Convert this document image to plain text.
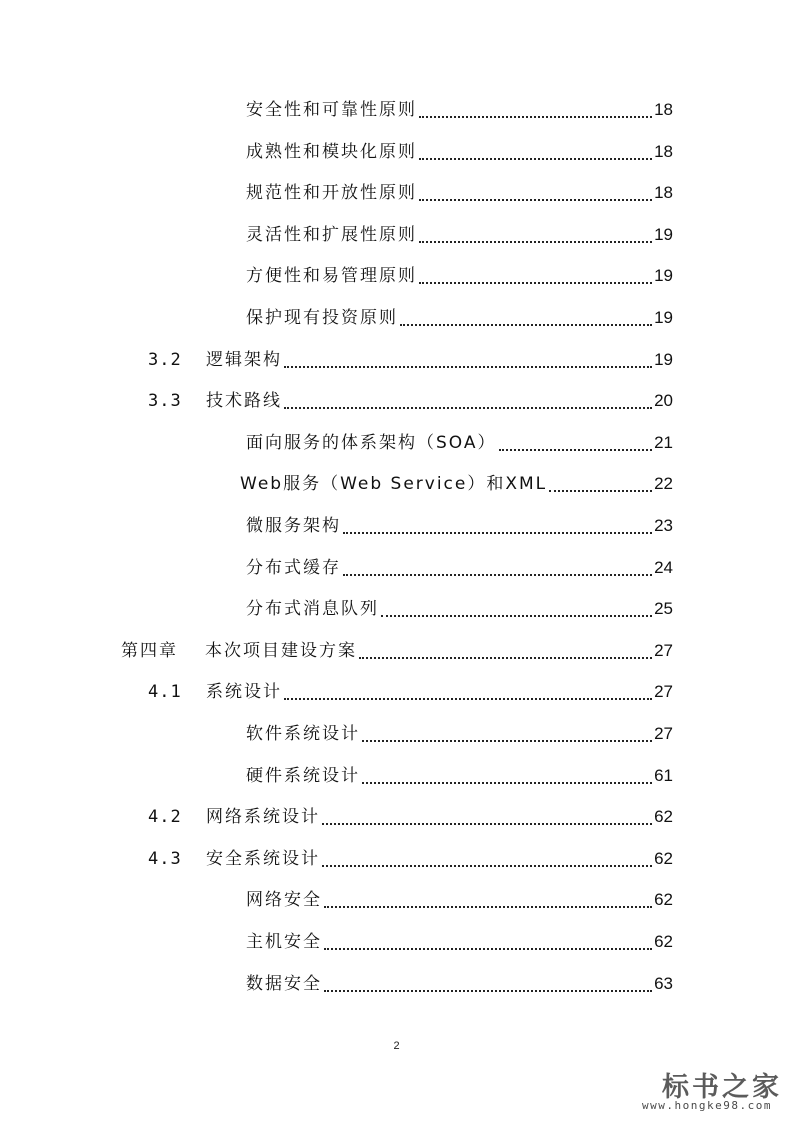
安全性和可靠性原则	18
成熟性和模块化原则	18
规范性和开放性原则	18
灵活性和扩展性原则	19
方便性和易管理原则	19
保护现有投资原则	19
3.2	逻辑架构	19
3.3	技术路线	20
面向服务的体系架构（SOA）	21
Web服务（Web Service）和XML	22
微服务架构	23
分布式缓存	24
分布式消息队列	25
第四章	本次项目建设方案	27
4.1	系统设计	27
软件系统设计	27
硬件系统设计	61
4.2	网络系统设计	62
4.3	安全系统设计	62
网络安全	62
主机安全	62
数据安全	63
2
标书之家
www.hongke98.com
